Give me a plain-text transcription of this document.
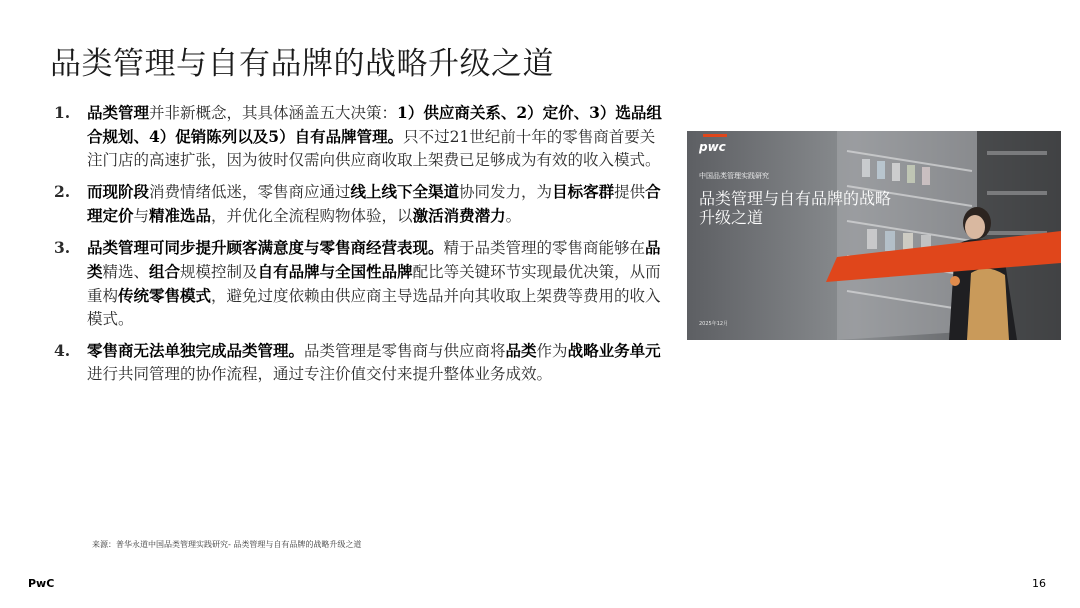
品类管理与自有品牌的战略升级之道
1.	品类管理并非新概念，其具体涵盖五大决策：1）供应商关系、2）定价、3）选品组合规划、4）促销陈列以及5）自有品牌管理。只不过21世纪前十年的零售商首要关注门店的高速扩张，因为彼时仅需向供应商收取上架费已足够成为有效的收入模式。
2.	而现阶段消费情绪低迷，零售商应通过线上线下全渠道协同发力，为目标客群提供合理定价与精准选品，并优化全流程购物体验，以激活消费潜力。
3.	品类管理可同步提升顾客满意度与零售商经营表现。精于品类管理的零售商能够在品类精选、组合规模控制及自有品牌与全国性品牌配比等关键环节实现最优决策，从而重构传统零售模式，避免过度依赖由供应商主导选品并向其收取上架费等费用的收入模式。
4.	零售商无法单独完成品类管理。品类管理是零售商与供应商将品类作为战略业务单元进行共同管理的协作流程，通过专注价值交付来提升整体业务成效。
pwc
中国品类管理实践研究
品类管理与自有品牌的战略升级之道
2025年12月
来源：普华永道中国品类管理实践研究- 品类管理与自有品牌的战略升级之道
PwC	16
